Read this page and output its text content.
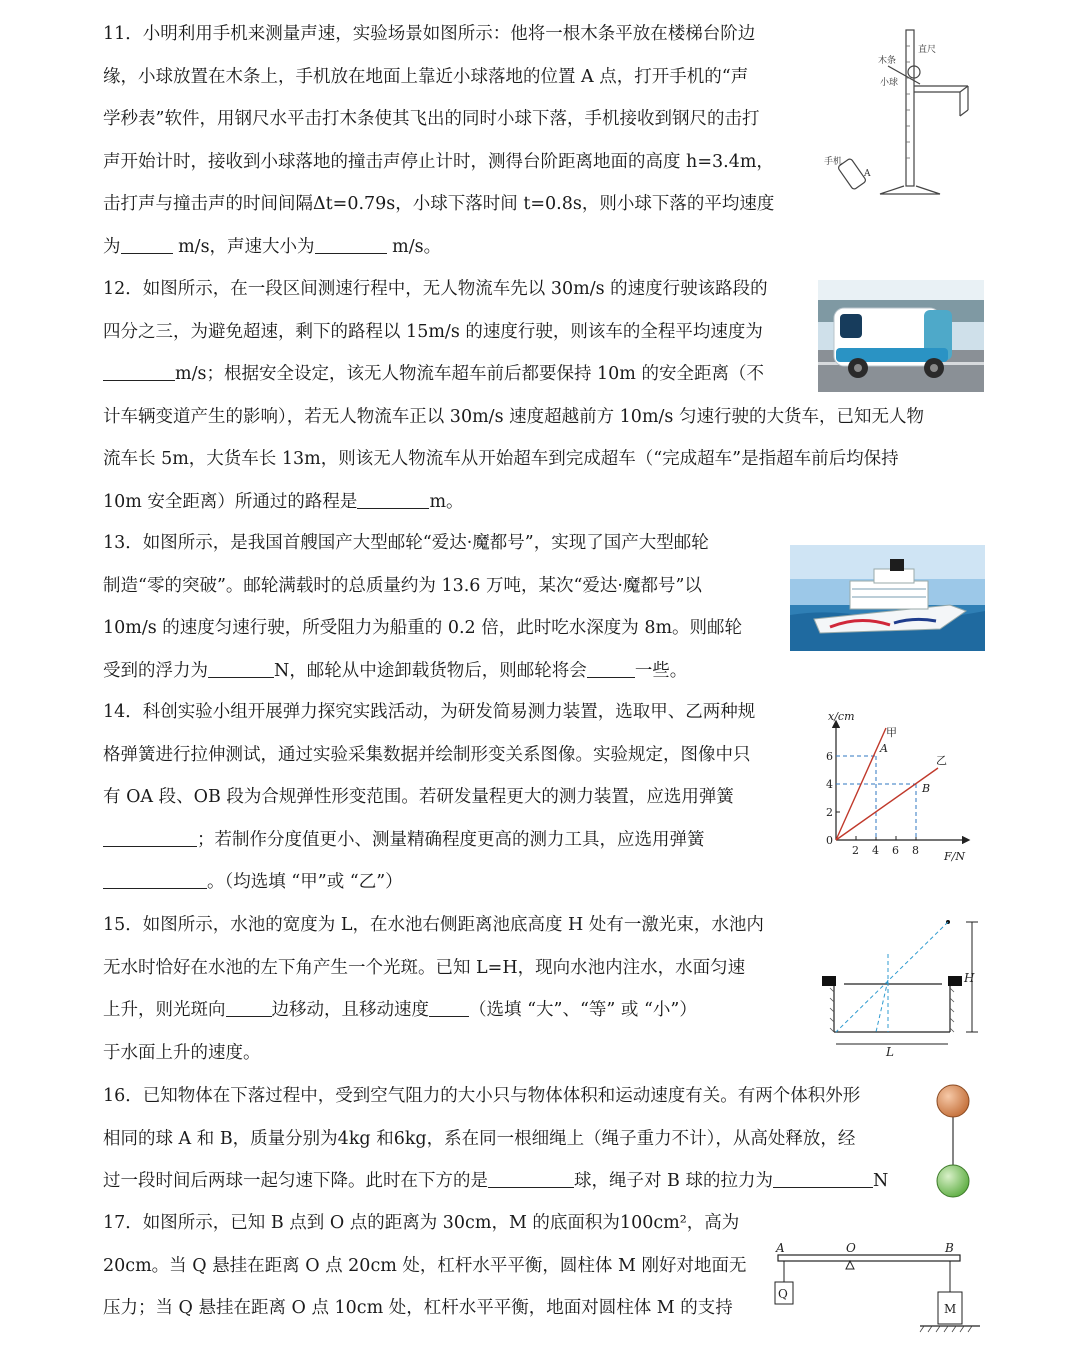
11．小明利用手机来测量声速，实验场景如图所示：他将一根木条平放在楼梯台阶边

缘，小球放置在木条上，手机放在地面上靠近小球落地的位置 A 点，打开手机的“声

学秒表”软件，用钢尺水平击打木条使其飞出的同时小球下落，手机接收到钢尺的击打

声开始计时，接收到小球落地的撞击声停止计时，测得台阶距离地面的高度 h=3.4m，

击打声与撞击声的时间间隔Δt=0.79s，小球下落时间 t=0.8s，则小球下落的平均速度

为	m/s，声速大小为	m/s。

直尺
木条
小球
手机
A

12．如图所示，在一段区间测速行程中，无人物流车先以 30m/s 的速度行驶该路段的

四分之三，为避免超速，剩下的路程以 15m/s 的速度行驶，则该车的全程平均速度为

m/s；根据安全设定，该无人物流车超车前后都要保持 10m 的安全距离（不

计车辆变道产生的影响），若无人物流车正以 30m/s 速度超越前方 10m/s 匀速行驶的大货车，已知无人物

流车长 5m，大货车长 13m，则该无人物流车从开始超车到完成超车（“完成超车”是指超车前后均保持

10m 安全距离）所通过的路程是	m。

13．如图所示，是我国首艘国产大型邮轮“爱达·魔都号”，实现了国产大型邮轮

制造“零的突破”。邮轮满载时的总质量约为 13.6 万吨，某次“爱达·魔都号”以

10m/s 的速度匀速行驶，所受阻力为船重的 0.2 倍，此时吃水深度为 8m。则邮轮

受到的浮力为	N，邮轮从中途卸载货物后，则邮轮将会	一些。

14．科创实验小组开展弹力探究实践活动，为研发简易测力装置，选取甲、乙两种规

格弹簧进行拉伸测试，通过实验采集数据并绘制形变关系图像。实验规定，图像中只

有 OA 段、OB 段为合规弹性形变范围。若研发量程更大的测力装置，应选用弹簧

；若制作分度值更小、测量精确程度更高的测力工具，应选用弹簧

。（均选填 “甲”或 “乙”）

x/cm
F/N
A
B
甲
乙
0
2
4
6
2 4 6 8

15．如图所示，水池的宽度为 L，在水池右侧距离池底高度 H 处有一激光束，水池内

无水时恰好在水池的左下角产生一个光斑。已知 L=H，现向水池内注水，水面匀速

上升，则光斑向	边移动，且移动速度 （选填 “大”、“等” 或 “小”）

于水面上升的速度。

H
L

16．已知物体在下落过程中，受到空气阻力的大小只与物体体积和运动速度有关。有两个体积外形

相同的球 A 和 B，质量分别为4kg 和6kg，系在同一根细绳上（绳子重力不计），从高处释放，经

过一段时间后两球一起匀速下降。此时在下方的是	球，绳子对 B 球的拉力为	N

17．如图所示，已知 B 点到 O 点的距离为 30cm，M 的底面积为100cm²，高为

20cm。当 Q 悬挂在距离 O 点 20cm 处，杠杆水平平衡，圆柱体 M 刚好对地面无

压力；当 Q 悬挂在距离 O 点 10cm 处，杠杆水平平衡，地面对圆柱体 M 的支持

A	O	B
Q
M
